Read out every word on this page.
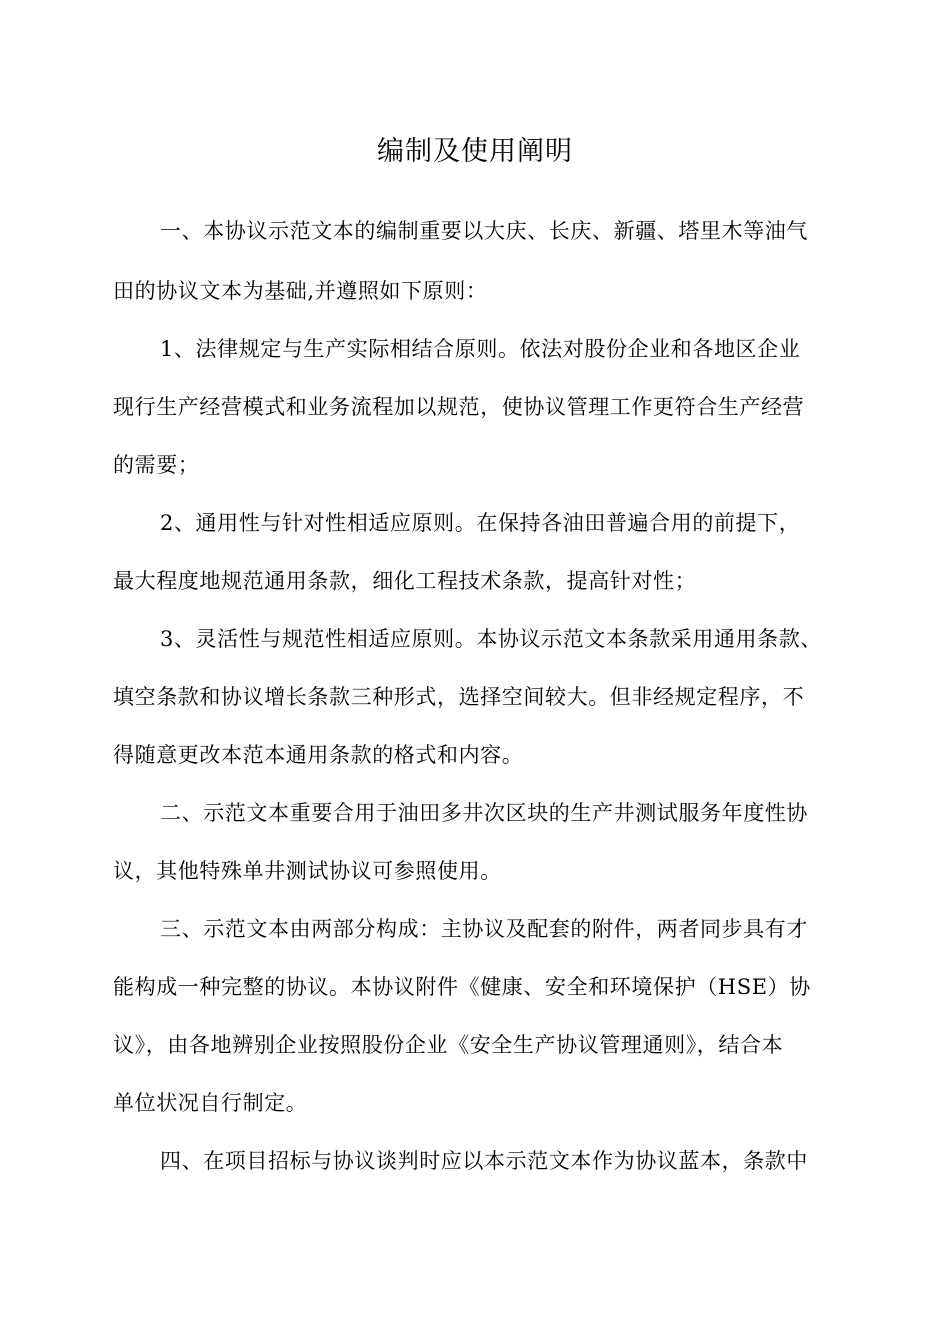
编制及使用阐明
一、本协议示范文本的编制重要以大庆、长庆、新疆、塔里木等油气
田的协议文本为基础,并遵照如下原则：
1、法律规定与生产实际相结合原则。依法对股份企业和各地区企业
现行生产经营模式和业务流程加以规范，使协议管理工作更符合生产经营
的需要；
2、通用性与针对性相适应原则。在保持各油田普遍合用的前提下，
最大程度地规范通用条款，细化工程技术条款，提高针对性；
3、灵活性与规范性相适应原则。本协议示范文本条款采用通用条款、
填空条款和协议增长条款三种形式，选择空间较大。但非经规定程序，不
得随意更改本范本通用条款的格式和内容。
二、示范文本重要合用于油田多井次区块的生产井测试服务年度性协
议，其他特殊单井测试协议可参照使用。
三、示范文本由两部分构成：主协议及配套的附件，两者同步具有才
能构成一种完整的协议。本协议附件《健康、安全和环境保护（HSE）协
议》，由各地辨别企业按照股份企业《安全生产协议管理通则》，结合本
单位状况自行制定。
四、在项目招标与协议谈判时应以本示范文本作为协议蓝本，条款中
